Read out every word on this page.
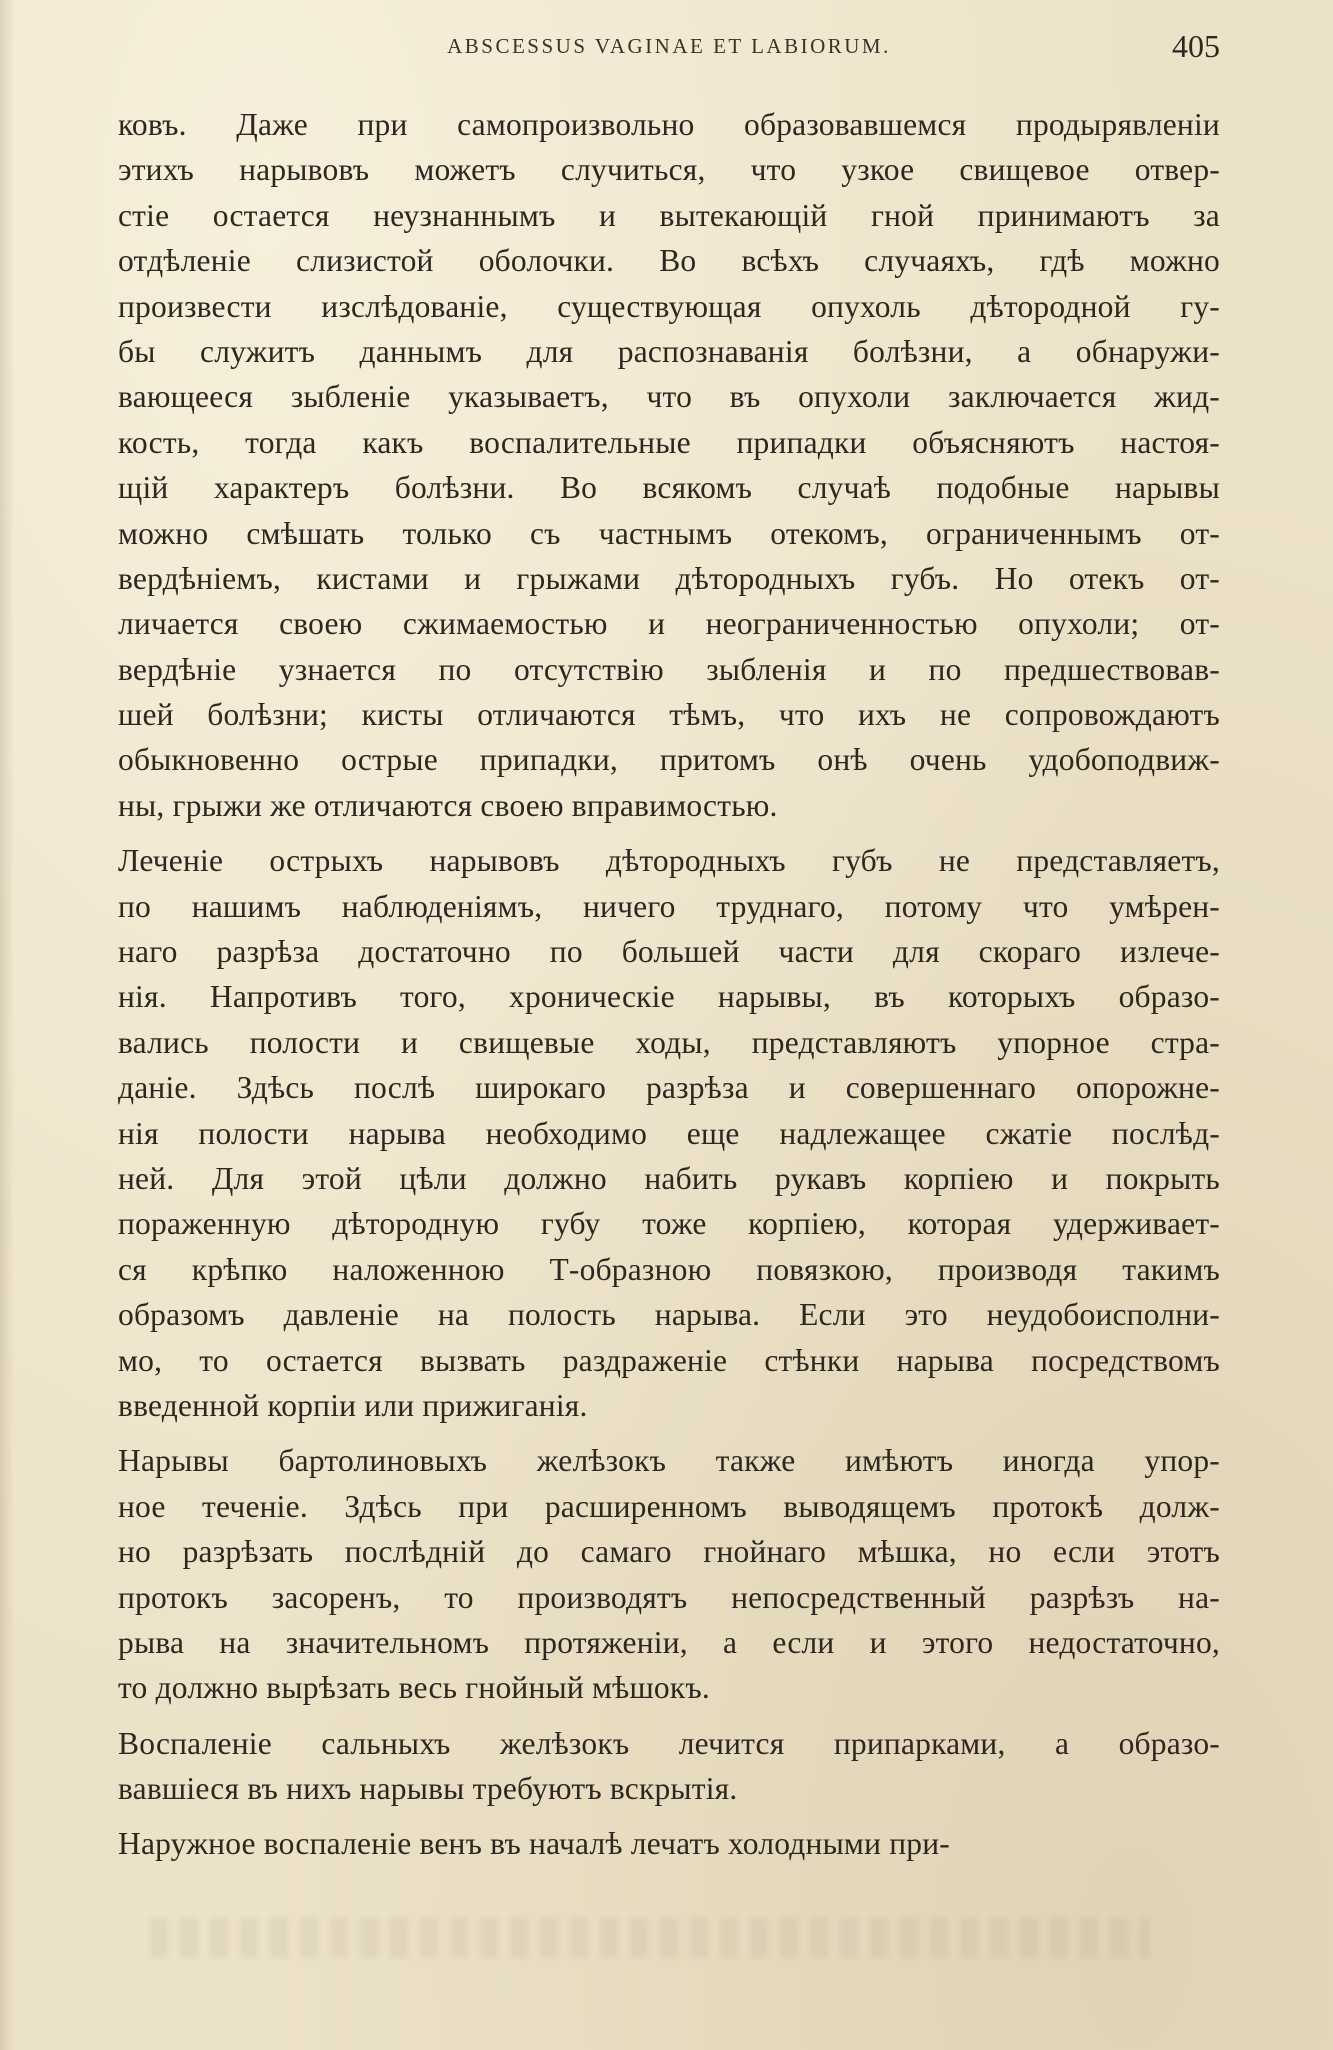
ABSCESSUS VAGINAE ET LABIORUM.	405
ковъ. Даже при самопроизвольно образовавшемся продырявленіи
этихъ нарывовъ можетъ случиться, что узкое свищевое отвер-
стіе остается неузнаннымъ и вытекающій гной принимаютъ за
отдѣленіе слизистой оболочки. Во всѣхъ случаяхъ, гдѣ можно
произвести изслѣдованіе, существующая опухоль дѣтородной гу-
бы служитъ даннымъ для распознаванія болѣзни, а обнаружи-
вающееся зыбленіе указываетъ, что въ опухоли заключается жид-
кость, тогда какъ воспалительные припадки объясняютъ настоя-
щій характеръ болѣзни. Во всякомъ случаѣ подобные нарывы
можно смѣшать только съ частнымъ отекомъ, ограниченнымъ от-
вердѣніемъ, кистами и грыжами дѣтородныхъ губъ. Но отекъ от-
личается своею сжимаемостью и неограниченностью опухоли; от-
вердѣніе узнается по отсутствію зыбленія и по предшествовав-
шей болѣзни; кисты отличаются тѣмъ, что ихъ не сопровождаютъ
обыкновенно острые припадки, притомъ онѣ очень удобоподвиж-
ны, грыжи же отличаются своею вправимостью.
Леченіе острыхъ нарывовъ дѣтородныхъ губъ не представляетъ,
по нашимъ наблюденіямъ, ничего труднаго, потому что умѣрен-
наго разрѣза достаточно по большей части для скораго излече-
нія. Напротивъ того, хроническіе нарывы, въ которыхъ образо-
вались полости и свищевые ходы, представляютъ упорное стра-
даніе. Здѣсь послѣ широкаго разрѣза и совершеннаго опорожне-
нія полости нарыва необходимо еще надлежащее сжатіе послѣд-
ней. Для этой цѣли должно набить рукавъ корпіею и покрыть
пораженную дѣтородную губу тоже корпіею, которая удерживает-
ся крѣпко наложенною Т-образною повязкою, производя такимъ
образомъ давленіе на полость нарыва. Если это неудобоисполни-
мо, то остается вызвать раздраженіе стѣнки нарыва посредствомъ
введенной корпіи или прижиганія.
Нарывы бартолиновыхъ желѣзокъ также имѣютъ иногда упор-
ное теченіе. Здѣсь при расширенномъ выводящемъ протокѣ долж-
но разрѣзать послѣдній до самаго гнойнаго мѣшка, но если этотъ
протокъ засоренъ, то производятъ непосредственный разрѣзъ на-
рыва на значительномъ протяженіи, а если и этого недостаточно,
то должно вырѣзать весь гнойный мѣшокъ.
Воспаленіе сальныхъ желѣзокъ лечится припарками, а образо-
вавшіеся въ нихъ нарывы требуютъ вскрытія.
Наружное воспаленіе венъ въ началѣ лечатъ холодными при-
